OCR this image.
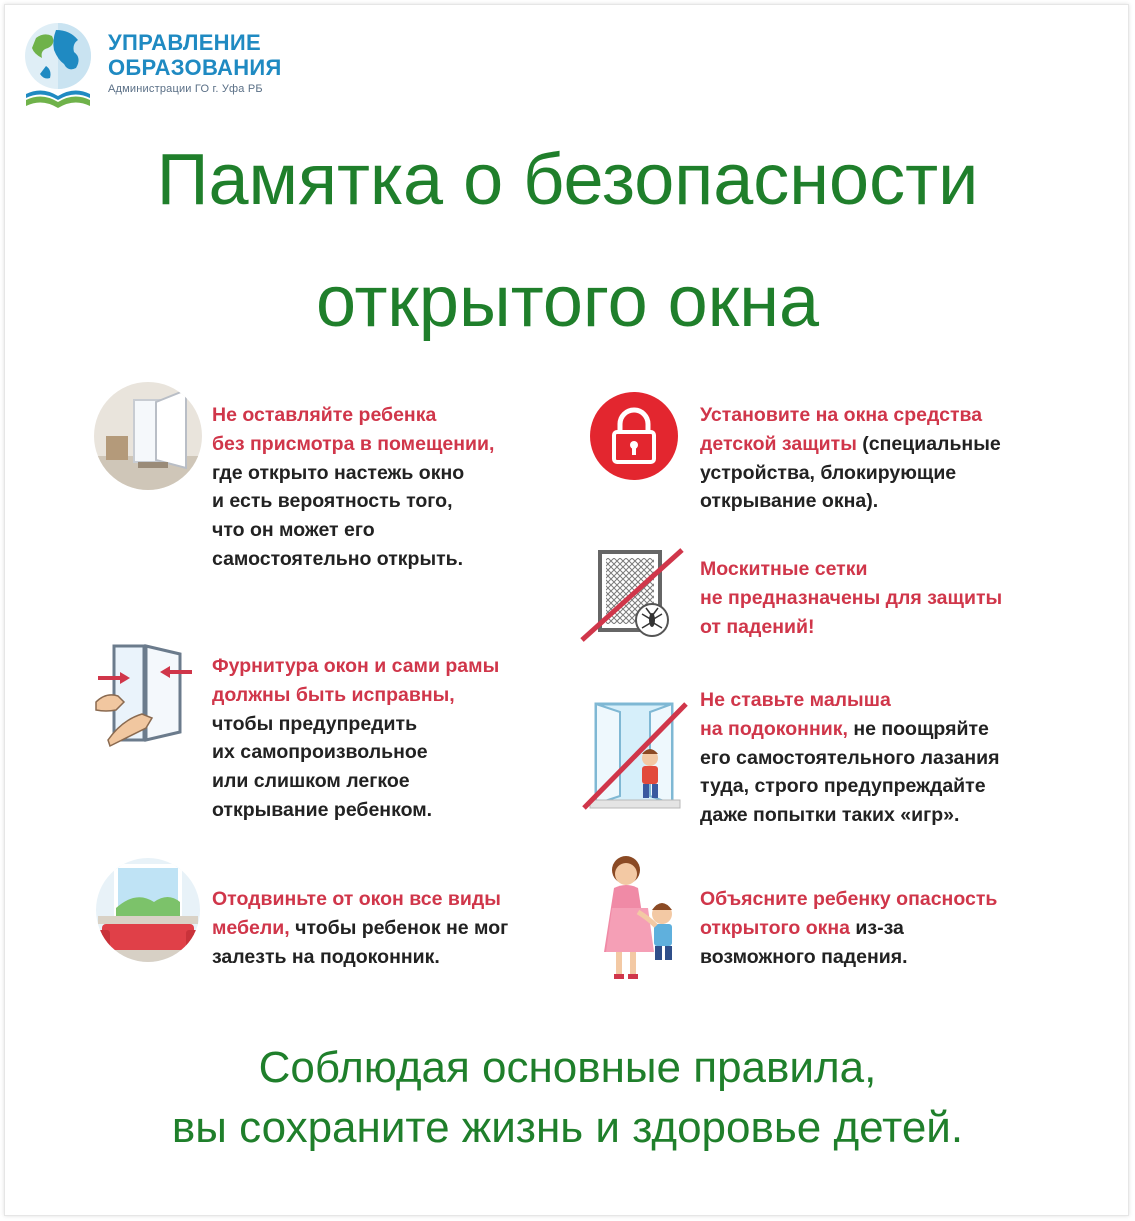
УПРАВЛЕНИЕ
ОБРАЗОВАНИЯ
Администрации ГО г. Уфа РБ
Памятка о безопасности
открытого окна
Не оставляйте ребенка
без присмотра в помещении,
где открыто настежь окно
и есть вероятность того,
что он может его
самостоятельно открыть.
Фурнитура окон и сами рамы
должны быть исправны,
чтобы предупредить
их самопроизвольное
или слишком легкое
открывание ребенком.
Отодвиньте от окон все виды
мебели, чтобы ребенок не мог
залезть на подоконник.
Установите на окна средства
детской защиты (специальные
устройства, блокирующие
открывание окна).
Москитные сетки
не предназначены для защиты
от падений!
Не ставьте малыша
на подоконник, не поощряйте
его самостоятельного лазания
туда, строго предупреждайте
даже попытки таких «игр».
Объясните ребенку опасность
открытого окна из-за
возможного падения.

Соблюдая основные правила,

вы сохраните жизнь и здоровье детей.
